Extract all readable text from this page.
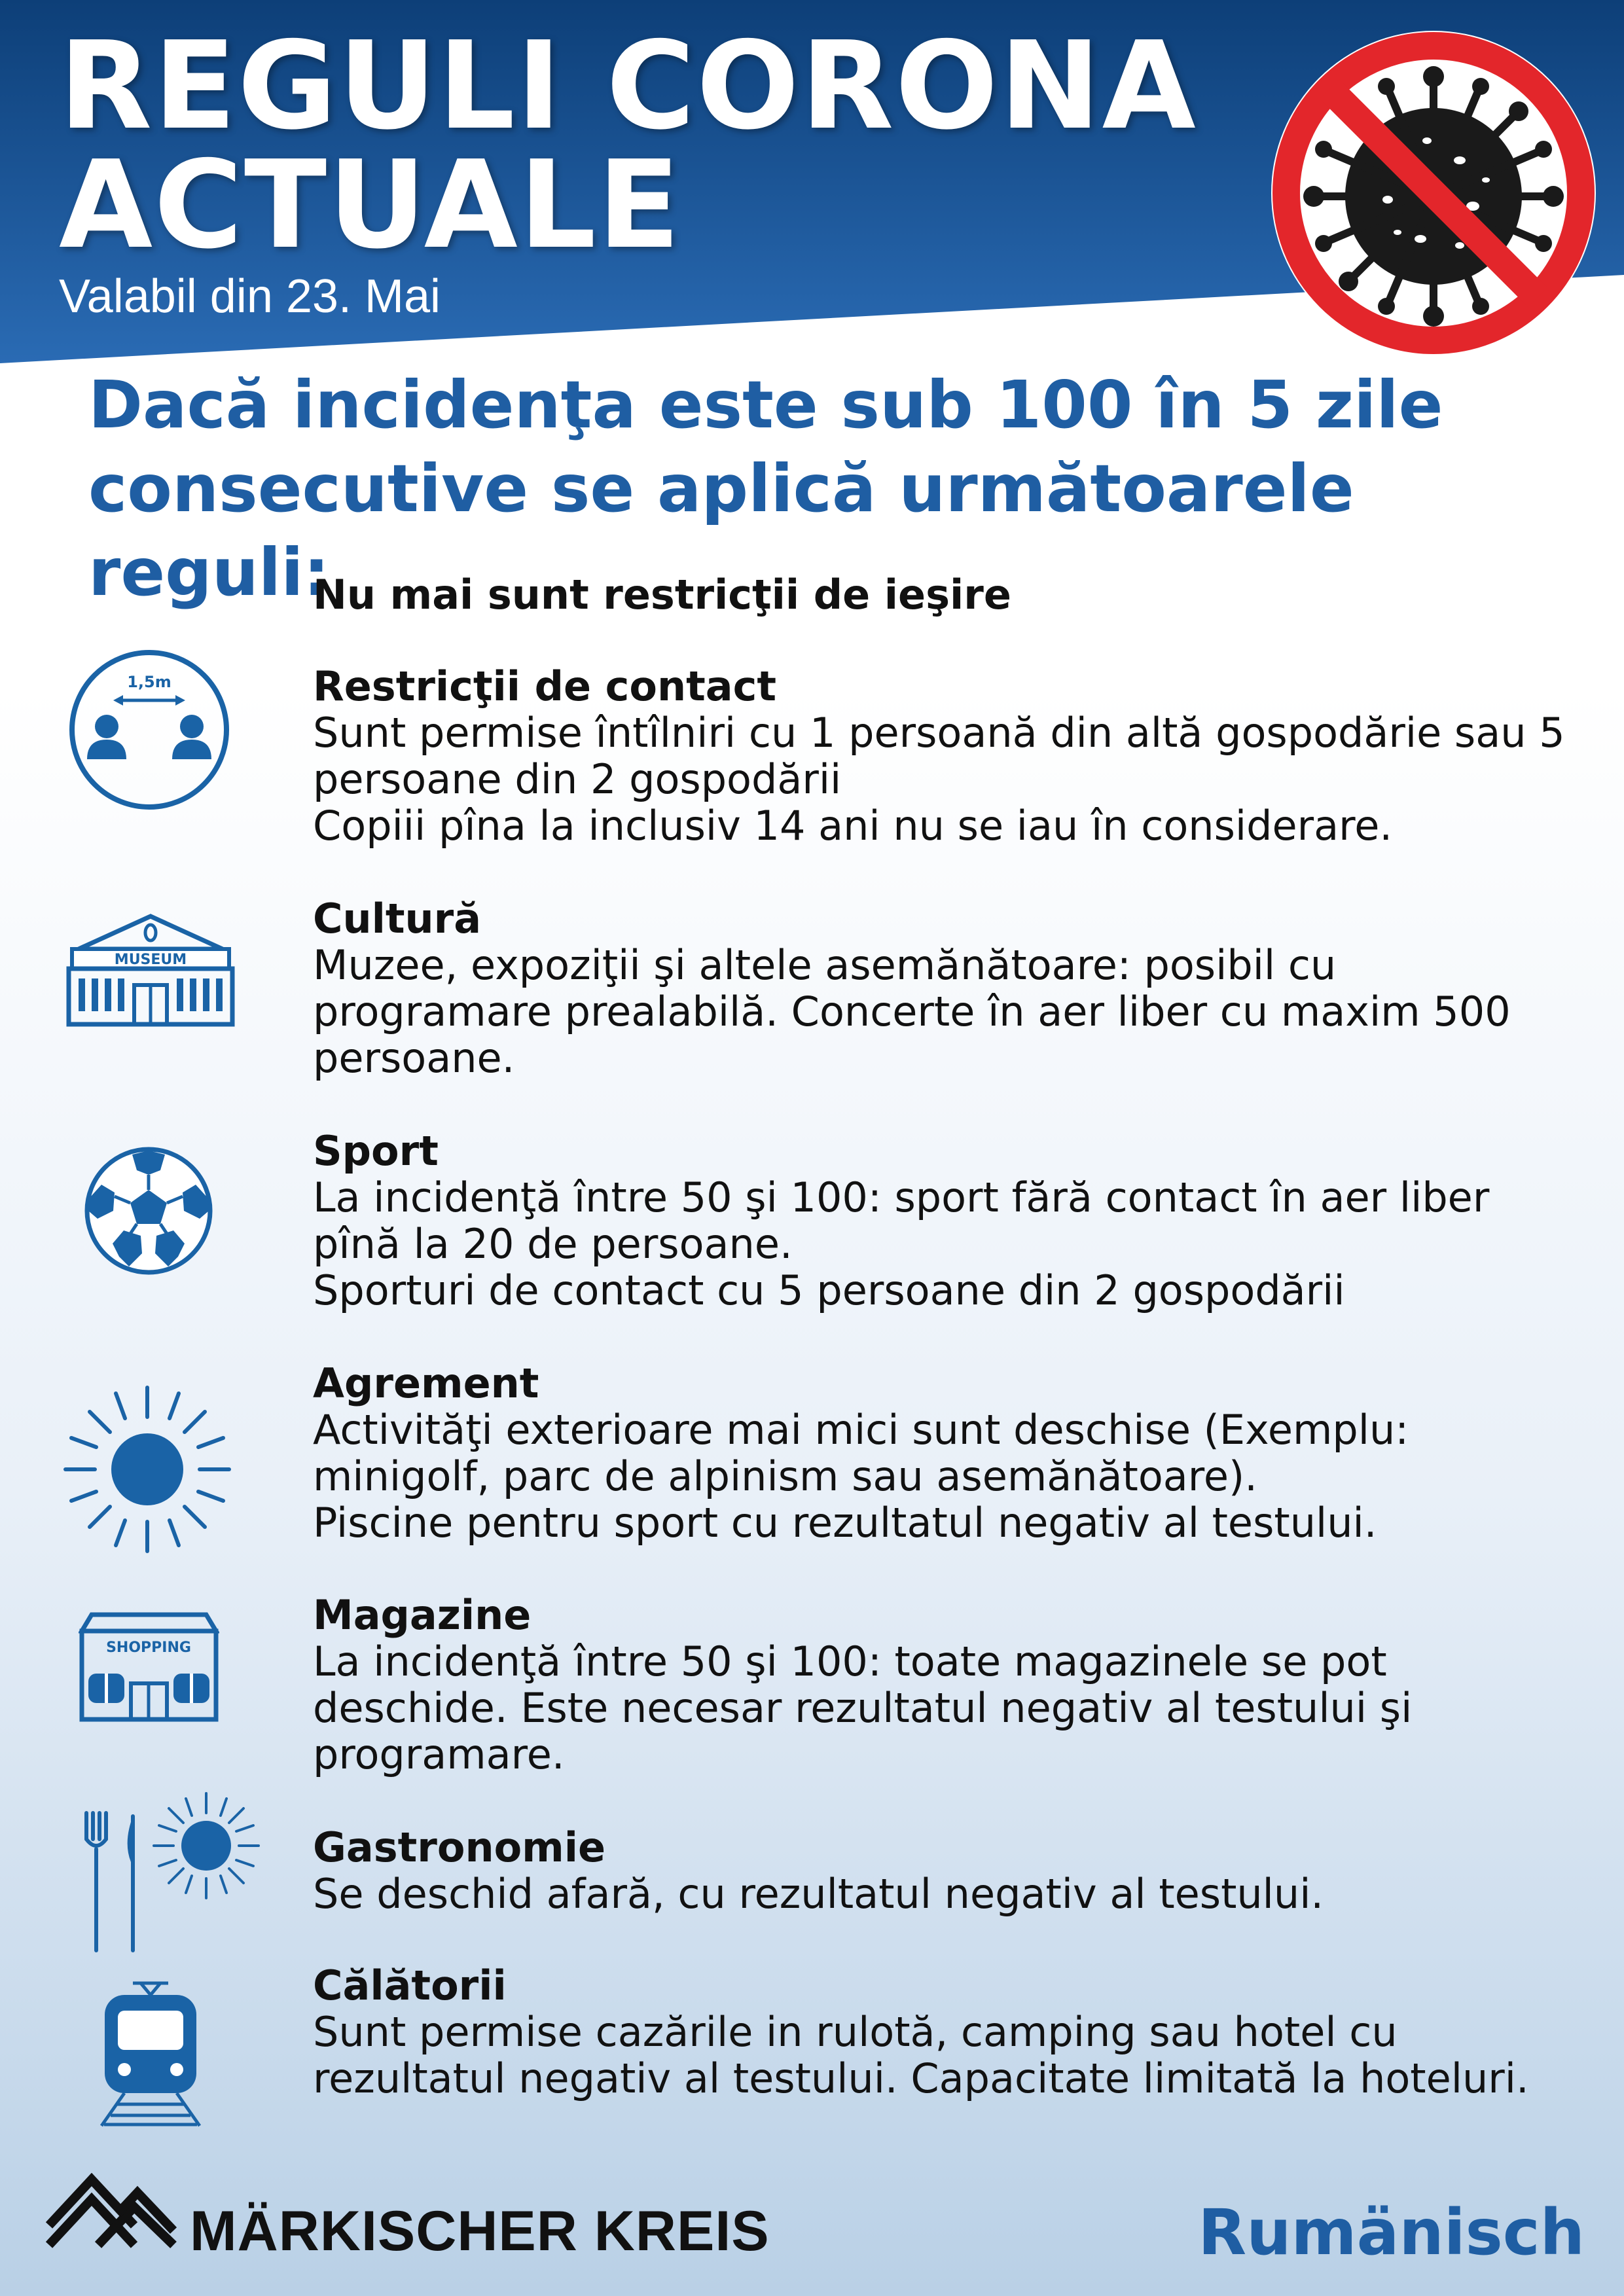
REGULI CORONA
ACTUALE
Valabil din 23. Mai
Dacă incidenţa este sub 100 în 5 zile
consecutive se aplică următoarele reguli:
Nu mai sunt restricţii de ieşire
1,5m	Restricţii de contact
Sunt permise întîlniri cu 1 persoană din altă gospodărie sau 5
persoane din 2 gospodării
Copiii pîna la inclusiv 14 ani nu se iau în considerare.
MUSEUM
Cultură
Muzee, expoziţii şi altele asemănătoare: posibil cu
programare prealabilă. Concerte în aer liber cu maxim 500
persoane.
Sport
La incidenţă între 50 şi 100: sport fără contact în aer liber
pînă la 20 de persoane.
Sporturi de contact cu 5 persoane din 2 gospodării
Agrement
Activităţi exterioare mai mici sunt deschise (Exemplu:
minigolf, parc de alpinism sau asemănătoare).
Piscine pentru sport cu rezultatul negativ al testului.
SHOPPING
Magazine
La incidenţă între 50 şi 100: toate magazinele se pot
deschide. Este necesar rezultatul negativ al testului şi
programare.
Gastronomie
Se deschid afară, cu rezultatul negativ al testului.
Călătorii
Sunt permise cazările in rulotă, camping sau hotel cu
rezultatul negativ al testului. Capacitate limitată la hoteluri.
MÄRKISCHER KREIS	Rumänisch
